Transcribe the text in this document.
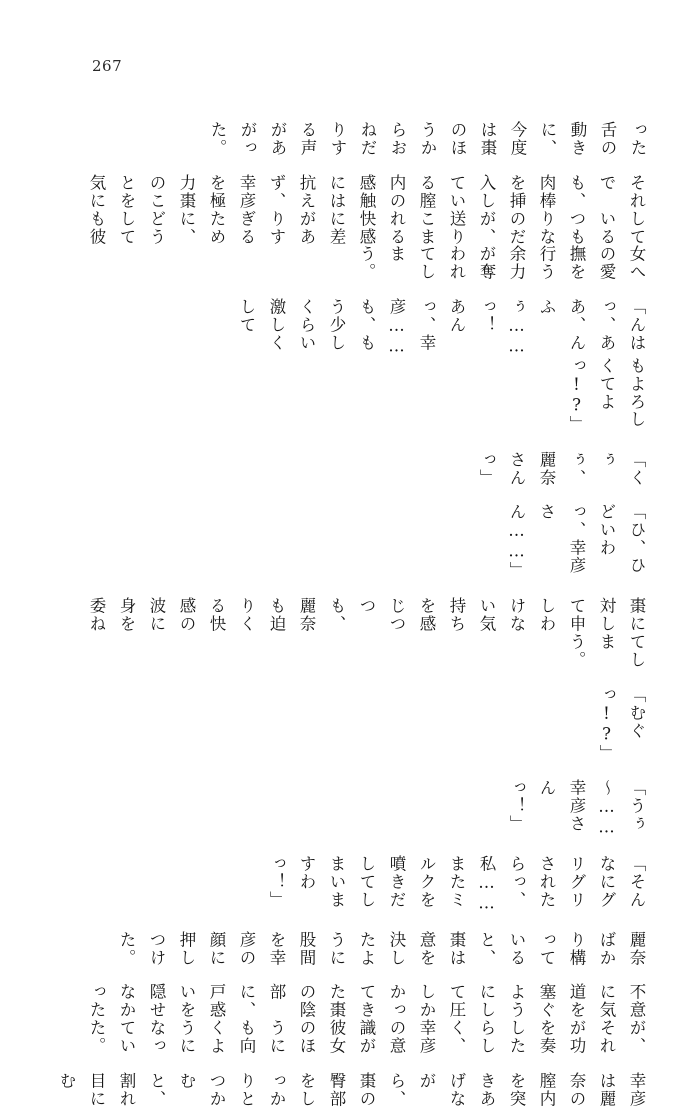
267

った舌の動きに、今度は棗のほうからおねだりする声があがった。

それでも、肉棒を挿入している膣内の感触には抗えず、幸彦を極力棗のことを気に

しているつもりなのだが、送りこまれる快感に差がありすぎるために、どうしても彼

女への愛撫を行う余力が奪われてしまう。

「んはっ、ああ、んふぅ……っ！　あんっ、幸彦……も、もう少しくらい激しくして

もよろしくてよっ!?」

「くぅぅ、麗奈さんっ」

「ひ、ひどいわっ、幸彦さん……」

棗に対して申しわけない気持ちを感じつつも、麗奈も迫りくる快感の波に身を委ね

てしまう。

「むぐっ!?」

「うぅ～……幸彦さんっ！」

「そんなにグリグリされたらっ、私……またミルクを噴きだしてしまいますわっ！」

麗奈ばかり構っていると、棗は意を決したように股間を幸彦の顔に押しつけた。

不意に気道を塞ぐようにして圧しかかってきた棗の陰部に、戸惑いを隠せなかった

が、それが功を奏したらしく、幸彦の意識が彼女のほうにも向くようになっていた。

幸彦は麗奈の膣内を突きあげながら、棗の臀部をしっかりとつかむと、割れ目にむ
